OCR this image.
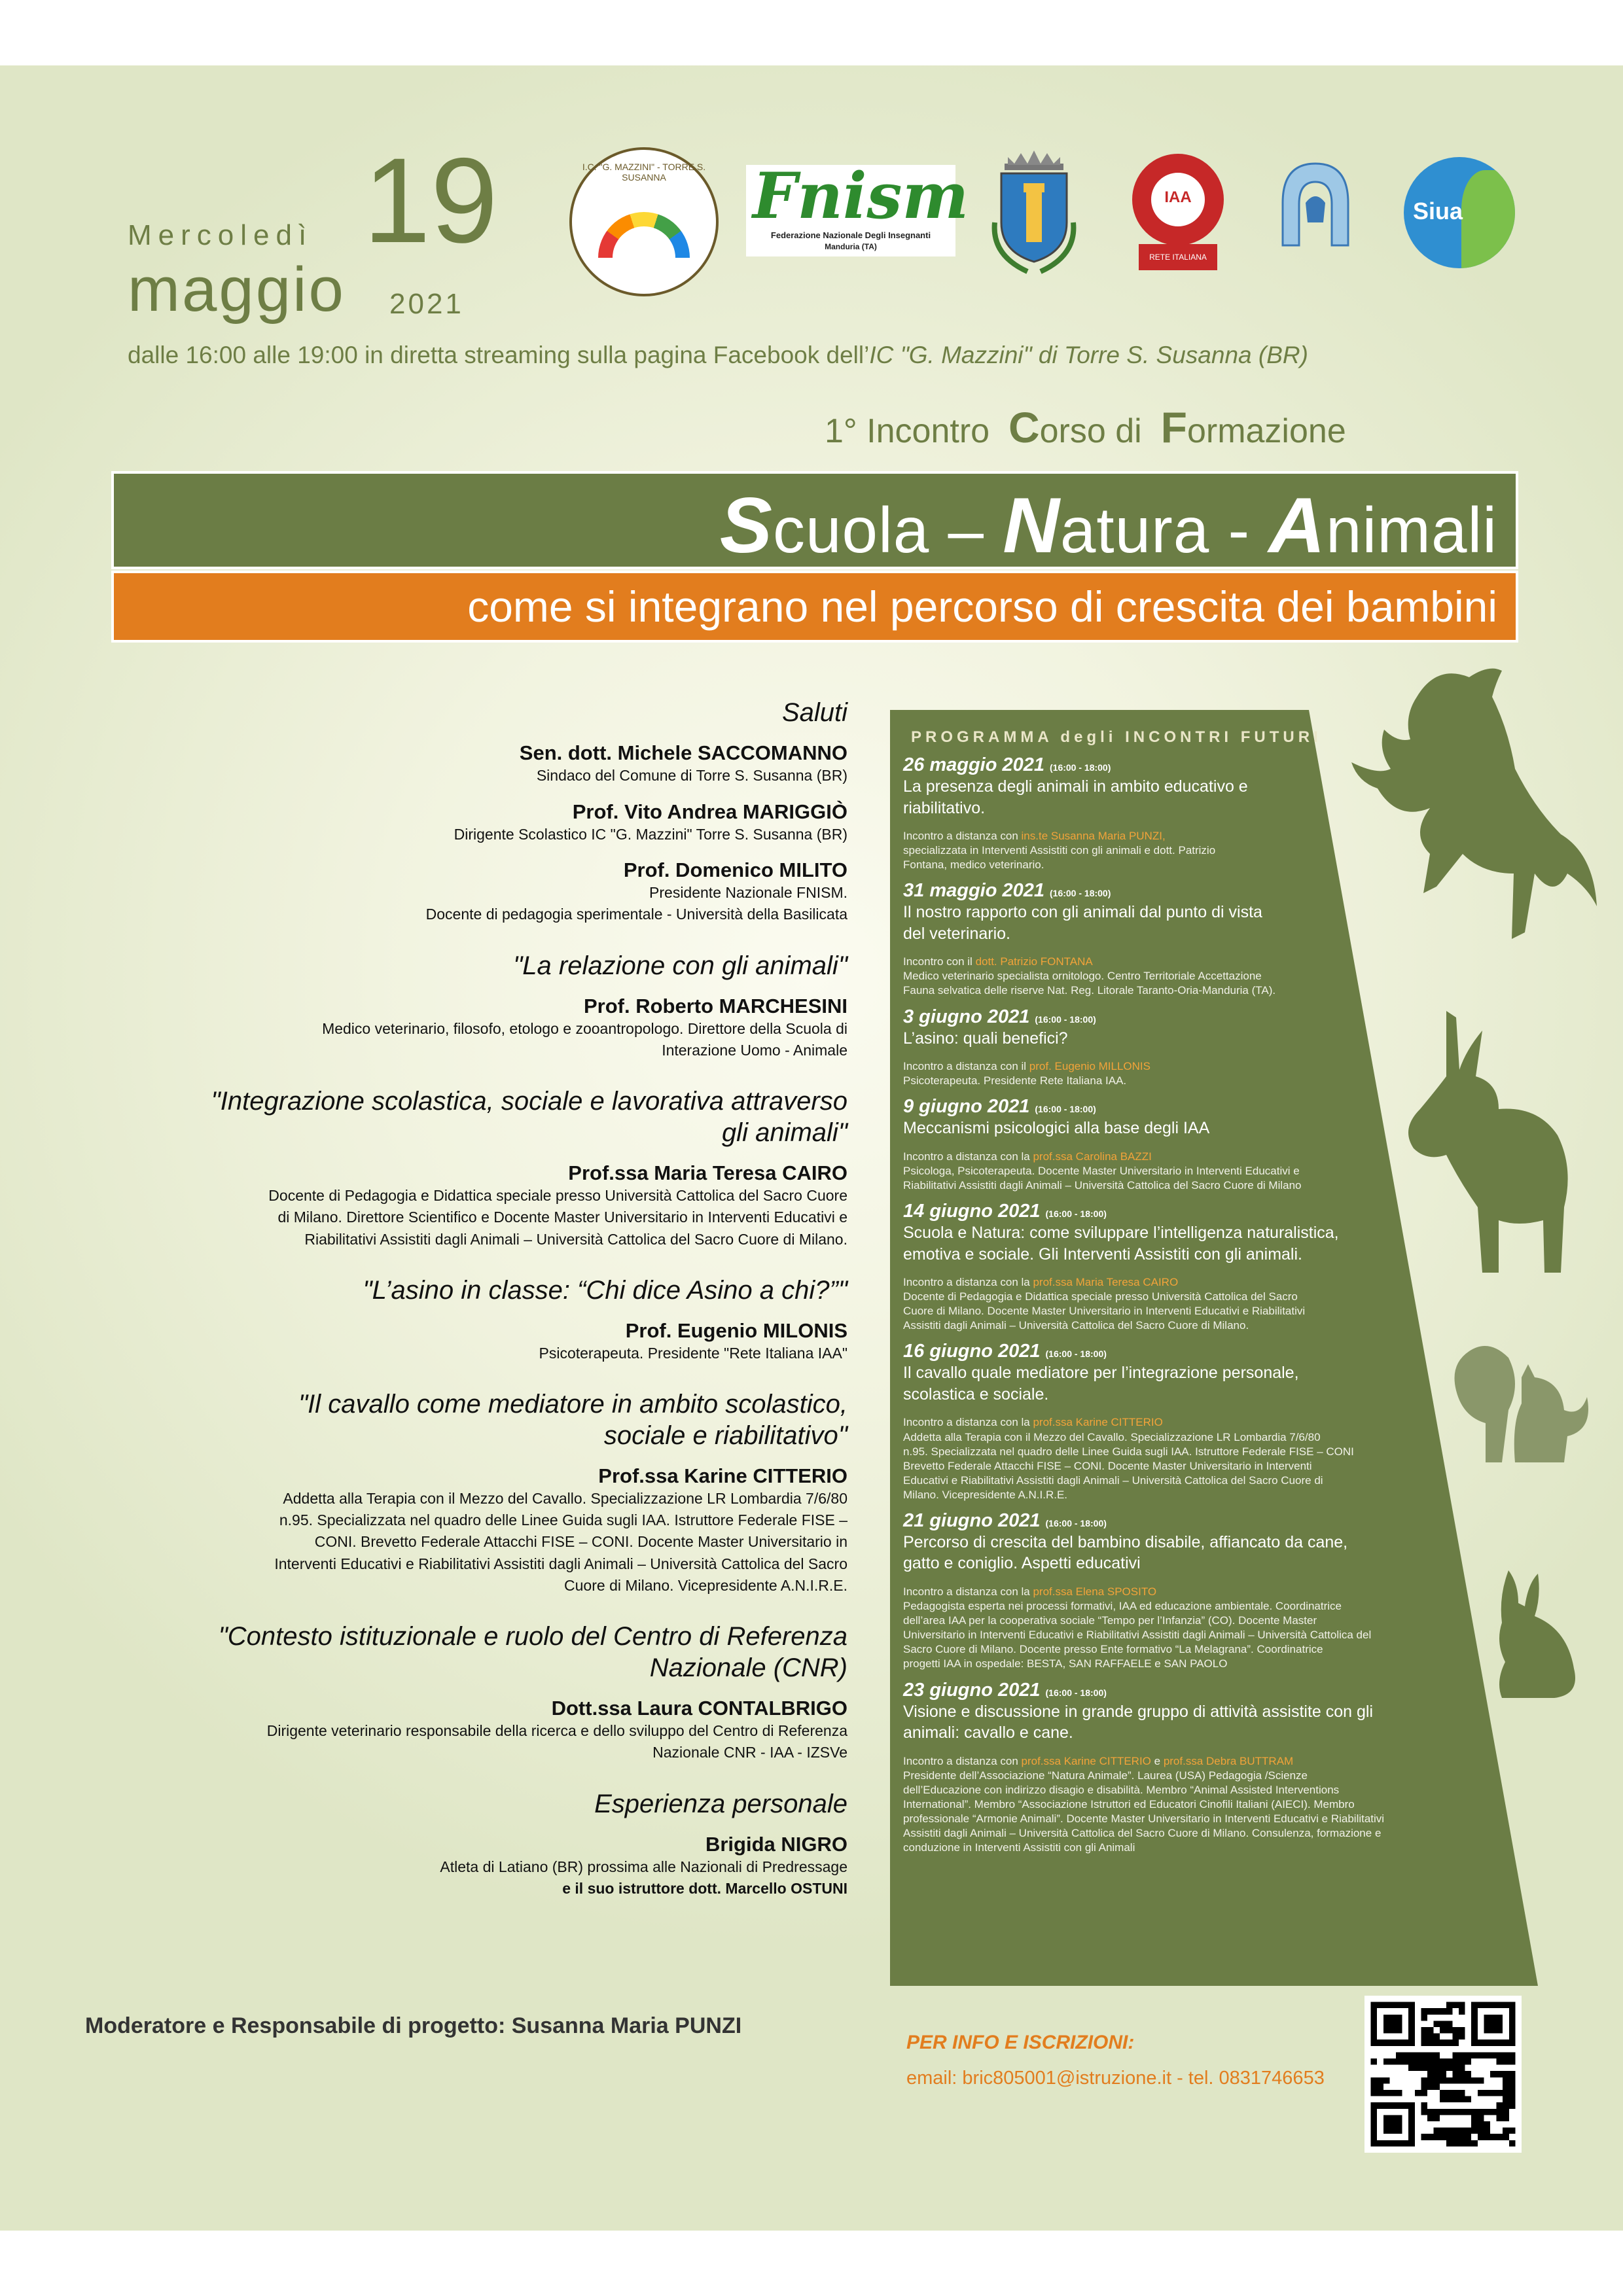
Mercoledì 19
maggio 2021
dalle 16:00 alle 19:00 in diretta streaming sulla pagina Facebook dell’IC "G. Mazzini" di Torre S. Susanna (BR)
I.C. "G. MAZZINI" - TORRE S. SUSANNA	Fnism
Federazione Nazionale Degli Insegnanti
Manduria (TA)
IAA
RETE ITALIANA
Siua
1° Incontro Corso di Formazione
Scuola – Natura - Animali
come si integrano nel percorso di crescita dei bambini
Saluti
Sen. dott. Michele SACCOMANNO
Sindaco del Comune di Torre S. Susanna (BR)
Prof. Vito Andrea MARIGGIÒ
Dirigente Scolastico IC "G. Mazzini" Torre S. Susanna (BR)
Prof. Domenico MILITO
Presidente Nazionale FNISM.
Docente di pedagogia sperimentale - Università della Basilicata
"La relazione con gli animali"
Prof. Roberto MARCHESINI
Medico veterinario, filosofo, etologo e zooantropologo. Direttore della Scuola di
Interazione Uomo - Animale
"Integrazione scolastica, sociale e lavorativa attraverso
gli animali"
Prof.ssa Maria Teresa CAIRO
Docente di Pedagogia e Didattica speciale presso Università Cattolica del Sacro Cuore
di Milano. Direttore Scientifico e Docente Master Universitario in Interventi Educativi e
Riabilitativi Assistiti dagli Animali – Università Cattolica del Sacro Cuore di Milano.
"L’asino in classe: “Chi dice Asino a chi?”"
Prof. Eugenio MILONIS
Psicoterapeuta. Presidente "Rete Italiana IAA"
"Il cavallo come mediatore in ambito scolastico,
sociale e riabilitativo"
Prof.ssa Karine CITTERIO
Addetta alla Terapia con il Mezzo del Cavallo. Specializzazione LR Lombardia 7/6/80
n.95. Specializzata nel quadro delle Linee Guida sugli IAA. Istruttore Federale FISE –
CONI. Brevetto Federale Attacchi FISE – CONI. Docente Master Universitario in
Interventi Educativi e Riabilitativi Assistiti dagli Animali – Università Cattolica del Sacro
Cuore di Milano. Vicepresidente A.N.I.R.E.
"Contesto istituzionale e ruolo del Centro di Referenza
Nazionale (CNR)
Dott.ssa Laura CONTALBRIGO
Dirigente veterinario responsabile della ricerca e dello sviluppo del Centro di Referenza
Nazionale CNR - IAA - IZSVe
Esperienza personale
Brigida NIGRO
Atleta di Latiano (BR) prossima alle Nazionali di Predressage
e il suo istruttore dott. Marcello OSTUNI
Moderatore e Responsabile di progetto: Susanna Maria PUNZI
PROGRAMMA degli INCONTRI FUTURI
26 maggio 2021 (16:00 - 18:00)
La presenza degli animali in ambito educativo e
riabilitativo.
Incontro a distanza con ins.te Susanna Maria PUNZI,
specializzata in Interventi Assistiti con gli animali e dott. Patrizio
Fontana, medico veterinario.
31 maggio 2021 (16:00 - 18:00)
Il nostro rapporto con gli animali dal punto di vista
del veterinario.
Incontro con il dott. Patrizio FONTANA
Medico veterinario specialista ornitologo. Centro Territoriale Accettazione
Fauna selvatica delle riserve Nat. Reg. Litorale Taranto-Oria-Manduria (TA).
3 giugno 2021 (16:00 - 18:00)
L’asino: quali benefici?
Incontro a distanza con il prof. Eugenio MILLONIS
Psicoterapeuta. Presidente Rete Italiana IAA.
9 giugno 2021 (16:00 - 18:00)
Meccanismi psicologici alla base degli IAA
Incontro a distanza con la prof.ssa Carolina BAZZI
Psicologa, Psicoterapeuta. Docente Master Universitario in Interventi Educativi e
Riabilitativi Assistiti dagli Animali – Università Cattolica del Sacro Cuore di Milano
14 giugno 2021 (16:00 - 18:00)
Scuola e Natura: come sviluppare l’intelligenza naturalistica,
emotiva e sociale. Gli Interventi Assistiti con gli animali.
Incontro a distanza con la prof.ssa Maria Teresa CAIRO
Docente di Pedagogia e Didattica speciale presso Università Cattolica del Sacro
Cuore di Milano. Docente Master Universitario in Interventi Educativi e Riabilitativi
Assistiti dagli Animali – Università Cattolica del Sacro Cuore di Milano.
16 giugno 2021 (16:00 - 18:00)
Il cavallo quale mediatore per l’integrazione personale,
scolastica e sociale.
Incontro a distanza con la prof.ssa Karine CITTERIO
Addetta alla Terapia con il Mezzo del Cavallo. Specializzazione LR Lombardia 7/6/80
n.95. Specializzata nel quadro delle Linee Guida sugli IAA. Istruttore Federale FISE – CONI
Brevetto Federale Attacchi FISE – CONI. Docente Master Universitario in Interventi
Educativi e Riabilitativi Assistiti dagli Animali – Università Cattolica del Sacro Cuore di
Milano. Vicepresidente A.N.I.R.E.
21 giugno 2021 (16:00 - 18:00)
Percorso di crescita del bambino disabile, affiancato da cane,
gatto e coniglio. Aspetti educativi
Incontro a distanza con la prof.ssa Elena SPOSITO
Pedagogista esperta nei processi formativi, IAA ed educazione ambientale. Coordinatrice
dell’area IAA per la cooperativa sociale “Tempo per l’Infanzia” (CO). Docente Master
Universitario in Interventi Educativi e Riabilitativi Assistiti dagli Animali – Università Cattolica del
Sacro Cuore di Milano. Docente presso Ente formativo “La Melagrana”. Coordinatrice
progetti IAA in ospedale: BESTA, SAN RAFFAELE e SAN PAOLO
23 giugno 2021 (16:00 - 18:00)
Visione e discussione in grande gruppo di attività assistite con gli
animali: cavallo e cane.
Incontro a distanza con prof.ssa Karine CITTERIO e prof.ssa Debra BUTTRAM
Presidente dell’Associazione “Natura Animale”. Laurea (USA) Pedagogia /Scienze
dell’Educazione con indirizzo disagio e disabilità. Membro “Animal Assisted Interventions
International”. Membro “Associazione Istruttori ed Educatori Cinofili Italiani (AIECI). Membro
professionale “Armonie Animali”. Docente Master Universitario in Interventi Educativi e Riabilitativi
Assistiti dagli Animali – Università Cattolica del Sacro Cuore di Milano. Consulenza, formazione e
conduzione in Interventi Assistiti con gli Animali
PER INFO E ISCRIZIONI:
email: bric805001@istruzione.it - tel. 0831746653
